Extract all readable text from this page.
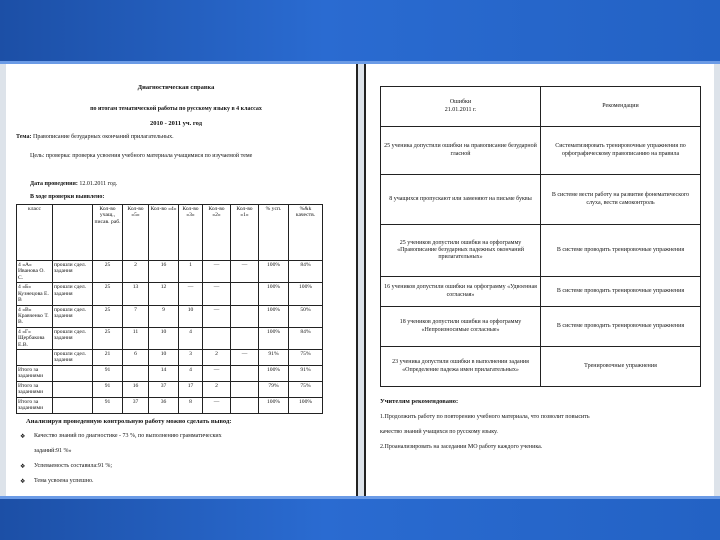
Диагностическая справка
по итогам тематической работы по русскому языку в 4 классах
2010 - 2011 уч. год
Тема: Правописание безударных окончаний прилагательных.
Цель: проверка: проверка усвоения учебного материала учащимися по изучаемой теме
Дата проведения: 12.01.2011 год.
В ходе проверки выявлено:
класс		Кол-во учащ., писав. раб.	Кол-во «5»	Кол-во «4»	Кол-во «3»	Кол-во «2»	Кол-во «1»	% усп.	%&k качеств.
4 «А» Иванова О. С.	прошли сдел. задания	25	2	16	1	—	—	100%	84%
4 «Б» Кузнецова Е. В	прошли сдел. задания	25	13	12	—	—		100%	100%
4 «В» Кравченко Т. В.	прошли сдел. задания	25	7	9	10	—		100%	50%
4 «Г» Щербакова Е.В.	прошли сдел. задания	25	11	10	4			100%	84%
	прошли сдел. задания	21	6	10	3	2	—	91%	75%
Итого за заданиями		91		14	4	—		100%	91%
Итого за заданиями		91	16	37	17	2		79%	75%
Итого за заданиями		91	37	36	8	—		100%	100%
Анализируя проведенную контрольную работу можно сделать вывод:
❖ Качество знаний по диагностике - 73 %, по выполнению грамматических
заданий:91 %»
❖ Успеваемость составила:91 %;
❖ Тема усвоена успешно.
Ошибки
21.01.2011 г.	Рекомендации
25 ученика допустили ошибки на правописание безударной гласной	Систематизировать тренировочные упражнения по орфографическому правописанию на правила
8 учащихся пропускают или заменяют на письме буквы	В системе вести работу на развитие фонематического слуха, вести самоконтроль
25 учеников допустили ошибки на орфограмму «Правописание безударных падежных окончаний прилагательных»	В системе проводить тренировочные упражнения
16 учеников допустили ошибки на орфограмму «Удвоенная согласная»	В системе проводить тренировочные упражнения
18 учеников допустили ошибки на орфограмму «Непроизносимые согласные»	В системе проводить тренировочные упражнения
23 ученика допустили ошибки в выполнении задания «Определение падежа имен прилагательных»	Тренировочные упражнения
Учителям рекомендовано:
1.Продолжить работу по повторению учебного материала, что позволит повысить
качество знаний учащихся по русскому языку.
2.Проанализировать на заседании МО работу каждого ученика.
